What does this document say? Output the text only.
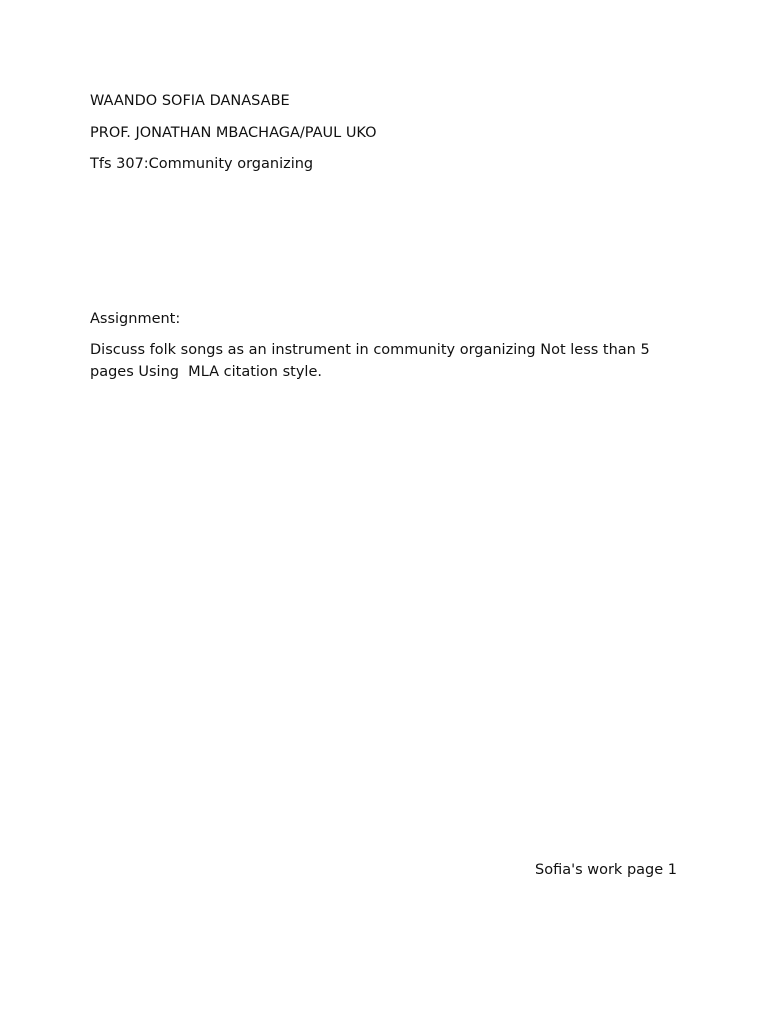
WAANDO SOFIA DANASABE
PROF. JONATHAN MBACHAGA/PAUL UKO
Tfs 307:Community organizing
Assignment:
Discuss folk songs as an instrument in community organizing Not less than 5
pages Using  MLA citation style.
Sofia's work page 1
